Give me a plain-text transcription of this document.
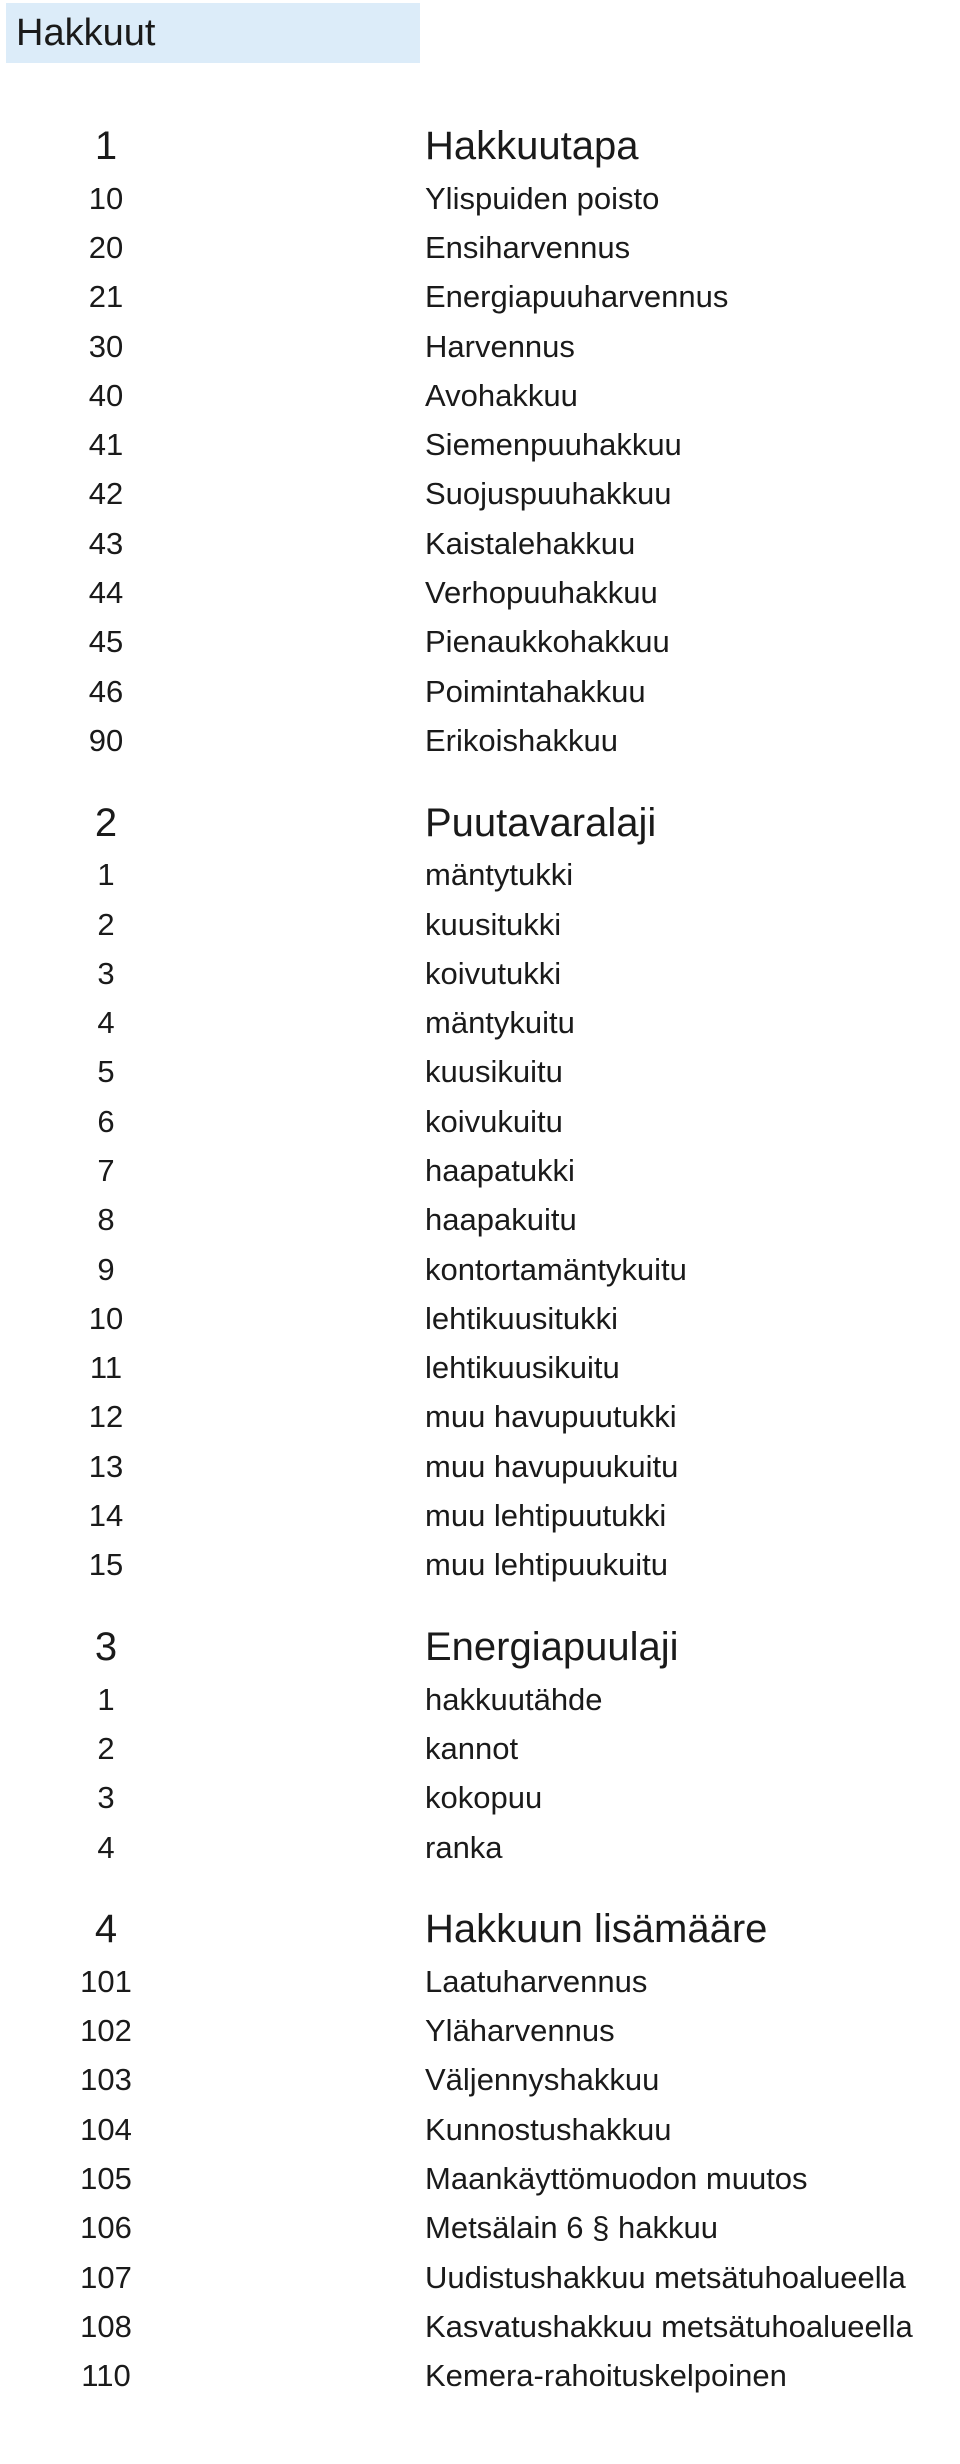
Hakkuut
1	Hakkuutapa
10	Ylispuiden poisto
20	Ensiharvennus
21	Energiapuuharvennus
30	Harvennus
40	Avohakkuu
41	Siemenpuuhakkuu
42	Suojuspuuhakkuu
43	Kaistalehakkuu
44	Verhopuuhakkuu
45	Pienaukkohakkuu
46	Poimintahakkuu
90	Erikoishakkuu
2	Puutavaralaji
1	mäntytukki
2	kuusitukki
3	koivutukki
4	mäntykuitu
5	kuusikuitu
6	koivukuitu
7	haapatukki
8	haapakuitu
9	kontortamäntykuitu
10	lehtikuusitukki
11	lehtikuusikuitu
12	muu havupuutukki
13	muu havupuukuitu
14	muu lehtipuutukki
15	muu lehtipuukuitu
3	Energiapuulaji
1	hakkuutähde
2	kannot
3	kokopuu
4	ranka
4	Hakkuun lisämääre
101	Laatuharvennus
102	Yläharvennus
103	Väljennyshakkuu
104	Kunnostushakkuu
105	Maankäyttömuodon muutos
106	Metsälain 6 § hakkuu
107	Uudistushakkuu metsätuhoalueella
108	Kasvatushakkuu metsätuhoalueella
110	Kemera-rahoituskelpoinen
